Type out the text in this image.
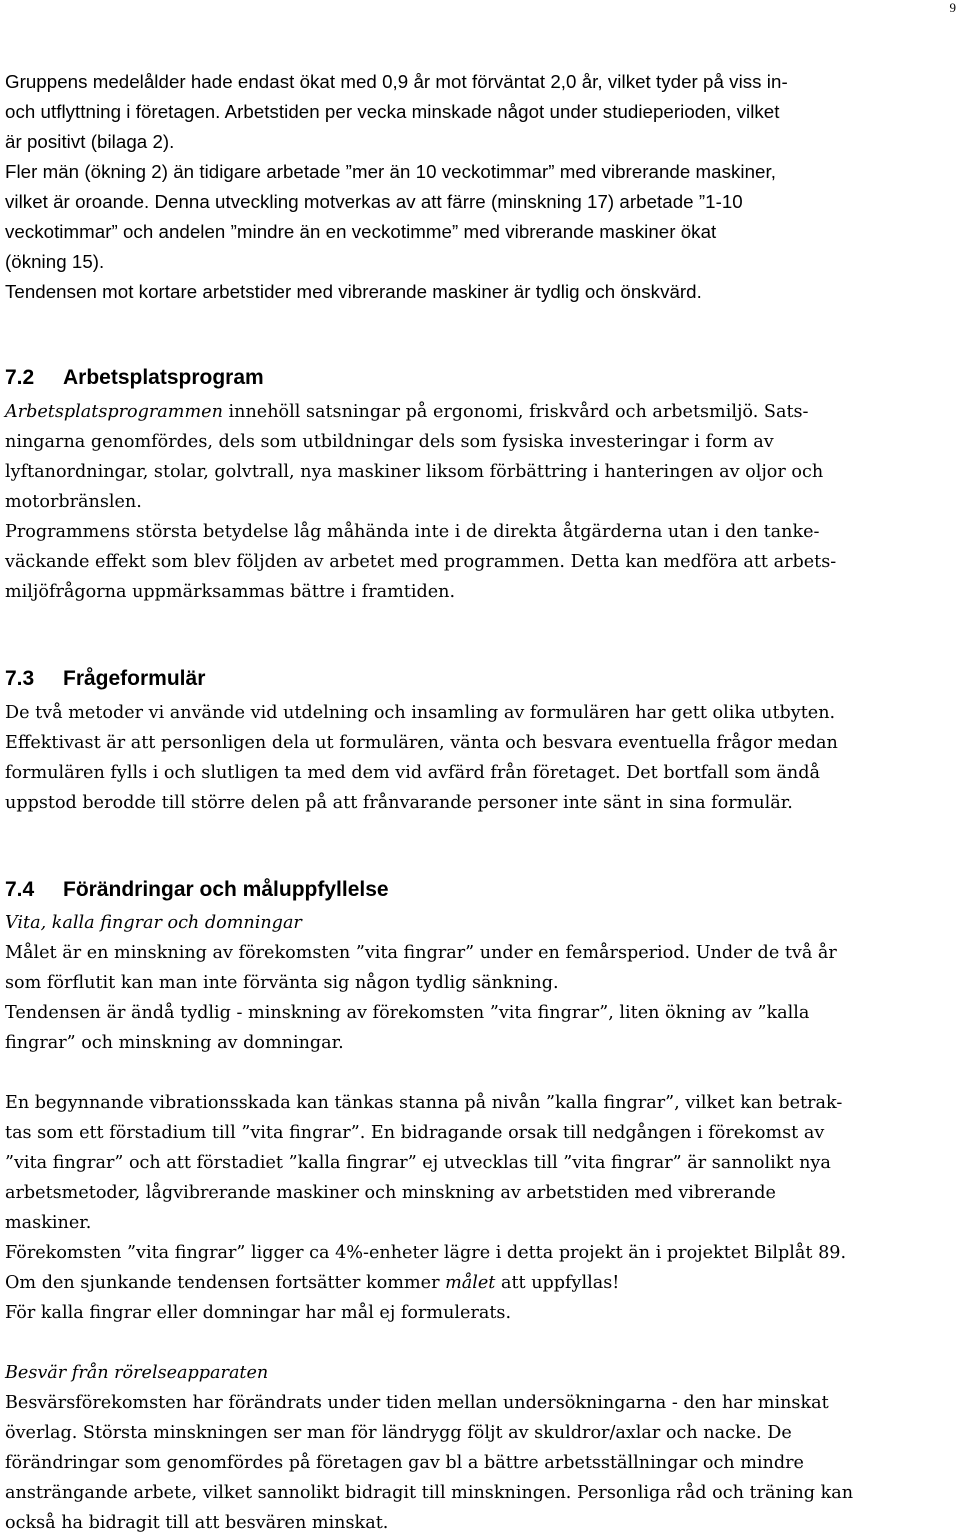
9
Gruppens medelålder hade endast ökat med 0,9 år mot förväntat 2,0 år, vilket tyder på viss in-
och utflyttning i företagen. Arbetstiden per vecka minskade något under studieperioden, vilket
är positivt (bilaga 2).
Fler män (ökning 2) än tidigare arbetade ”mer än 10 veckotimmar” med vibrerande maskiner,
vilket är oroande. Denna utveckling motverkas av att färre (minskning 17) arbetade ”1-10
veckotimmar” och andelen ”mindre än en veckotimme” med vibrerande maskiner ökat
(ökning 15).
Tendensen mot kortare arbetstider med vibrerande maskiner är tydlig och önskvärd.
7.2 Arbetsplatsprogram
Arbetsplatsprogrammen innehöll satsningar på ergonomi, friskvård och arbetsmiljö. Sats-
ningarna genomfördes, dels som utbildningar dels som fysiska investeringar i form av
lyftanordningar, stolar, golvtrall, nya maskiner liksom förbättring i hanteringen av oljor och
motorbränslen.
Programmens största betydelse låg måhända inte i de direkta åtgärderna utan i den tanke-
väckande effekt som blev följden av arbetet med programmen. Detta kan medföra att arbets-
miljöfrågorna uppmärksammas bättre i framtiden.
7.3 Frågeformulär
De två metoder vi använde vid utdelning och insamling av formulären har gett olika utbyten.
Effektivast är att personligen dela ut formulären, vänta och besvara eventuella frågor medan
formulären fylls i och slutligen ta med dem vid avfärd från företaget. Det bortfall som ändå
uppstod berodde till större delen på att frånvarande personer inte sänt in sina formulär.
7.4 Förändringar och måluppfyllelse
Vita, kalla fingrar och domningar
Målet är en minskning av förekomsten ”vita fingrar” under en femårsperiod. Under de två år
som förflutit kan man inte förvänta sig någon tydlig sänkning.
Tendensen är ändå tydlig - minskning av förekomsten ”vita fingrar”, liten ökning av ”kalla
fingrar” och minskning av domningar.
En begynnande vibrationsskada kan tänkas stanna på nivån ”kalla fingrar”, vilket kan betrak-
tas som ett förstadium till ”vita fingrar”. En bidragande orsak till nedgången i förekomst av
”vita fingrar” och att förstadiet ”kalla fingrar” ej utvecklas till ”vita fingrar” är sannolikt nya
arbetsmetoder, lågvibrerande maskiner och minskning av arbetstiden med vibrerande
maskiner.
Förekomsten ”vita fingrar” ligger ca 4%-enheter lägre i detta projekt än i projektet Bilplåt 89.
Om den sjunkande tendensen fortsätter kommer målet att uppfyllas!
För kalla fingrar eller domningar har mål ej formulerats.
Besvär från rörelseapparaten
Besvärsförekomsten har förändrats under tiden mellan undersökningarna - den har minskat
överlag. Största minskningen ser man för ländrygg följt av skuldror/axlar och nacke. De
förändringar som genomfördes på företagen gav bl a bättre arbetsställningar och mindre
ansträngande arbete, vilket sannolikt bidragit till minskningen. Personliga råd och träning kan
också ha bidragit till att besvären minskat.
